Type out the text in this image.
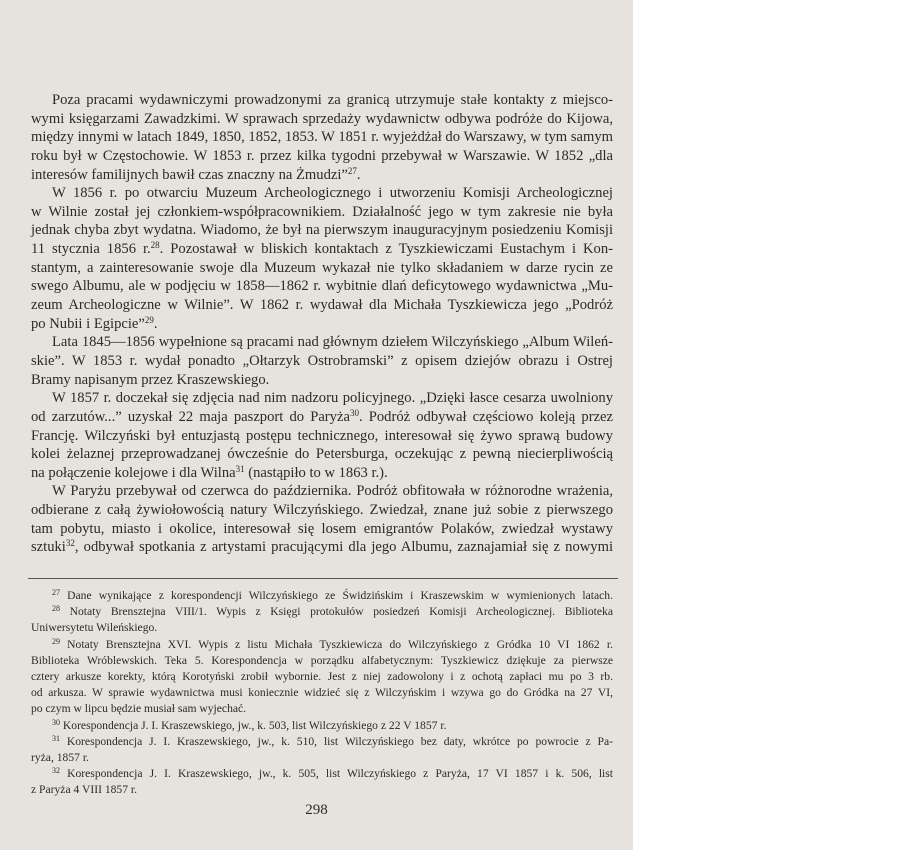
Poza pracami wydawniczymi prowadzonymi za granicą utrzymuje stałe kontakty z miejsco-
wymi księgarzami Zawadzkimi. W sprawach sprzedaży wydawnictw odbywa podróże do Kijowa,
między innymi w latach 1849, 1850, 1852, 1853. W 1851 r. wyjeżdżał do Warszawy, w tym samym
roku był w Częstochowie. W 1853 r. przez kilka tygodni przebywał w Warszawie. W 1852 „dla
interesów familijnych bawił czas znaczny na Żmudzi”$^{27}$.
W 1856 r. po otwarciu Muzeum Archeologicznego i utworzeniu Komisji Archeologicznej
w Wilnie został jej członkiem-współpracownikiem. Działalność jego w tym zakresie nie była
jednak chyba zbyt wydatna. Wiadomo, że był na pierwszym inauguracyjnym posiedzeniu Komisji
11 stycznia 1856 r.$^{28}$. Pozostawał w bliskich kontaktach z Tyszkiewiczami Eustachym i Kon-
stantym, a zainteresowanie swoje dla Muzeum wykazał nie tylko składaniem w darze rycin ze
swego Albumu, ale w podjęciu w 1858—1862 r. wybitnie dlań deficytowego wydawnictwa „Mu-
zeum Archeologiczne w Wilnie”. W 1862 r. wydawał dla Michała Tyszkiewicza jego „Podróż
po Nubii i Egipcie”$^{29}$.
Lata 1845—1856 wypełnione są pracami nad głównym dziełem Wilczyńskiego „Album Wileń-
skie”. W 1853 r. wydał ponadto „Ołtarzyk Ostrobramski” z opisem dziejów obrazu i Ostrej
Bramy napisanym przez Kraszewskiego.
W 1857 r. doczekał się zdjęcia nad nim nadzoru policyjnego. „Dzięki łasce cesarza uwolniony
od zarzutów...” uzyskał 22 maja paszport do Paryża$^{30}$. Podróż odbywał częściowo koleją przez
Francję. Wilczyński był entuzjastą postępu technicznego, interesował się żywo sprawą budowy
kolei żelaznej przeprowadzanej ówcześnie do Petersburga, oczekując z pewną niecierpliwością
na połączenie kolejowe i dla Wilna$^{31}$ (nastąpiło to w 1863 r.).
W Paryżu przebywał od czerwca do października. Podróż obfitowała w różnorodne wrażenia,
odbierane z całą żywiołowością natury Wilczyńskiego. Zwiedzał, znane już sobie z pierwszego
tam pobytu, miasto i okolice, interesował się losem emigrantów Polaków, zwiedzał wystawy
sztuki$^{32}$, odbywał spotkania z artystami pracującymi dla jego Albumu, zaznajamiał się z nowymi
$^{27}$ Dane wynikające z korespondencji Wilczyńskiego ze Świdzińskim i Kraszewskim w wymienionych latach.
$^{28}$ Notaty Brensztejna VIII/1. Wypis z Księgi protokułów posiedzeń Komisji Archeologicznej. Biblioteka
Uniwersytetu Wileńskiego.
$^{29}$ Notaty Brensztejna XVI. Wypis z listu Michała Tyszkiewicza do Wilczyńskiego z Gródka 10 VI 1862 r.
Biblioteka Wróblewskich. Teka 5. Korespondencja w porządku alfabetycznym: Tyszkiewicz dziękuje za pierwsze
cztery arkusze korekty, którą Korotyński zrobił wybornie. Jest z niej zadowolony i z ochotą zapłaci mu po 3 rb.
od arkusza. W sprawie wydawnictwa musi koniecznie widzieć się z Wilczyńskim i wzywa go do Gródka na 27 VI,
po czym w lipcu będzie musiał sam wyjechać.
$^{30}$ Korespondencja J. I. Kraszewskiego, jw., k. 503, list Wilczyńskiego z 22 V 1857 r.
$^{31}$ Korespondencja J. I. Kraszewskiego, jw., k. 510, list Wilczyńskiego bez daty, wkrótce po powrocie z Pa-
ryża, 1857 r.
$^{32}$ Korespondencja J. I. Kraszewskiego, jw., k. 505, list Wilczyńskiego z Paryża, 17 VI 1857 i k. 506, list
z Paryża 4 VIII 1857 r.
298
